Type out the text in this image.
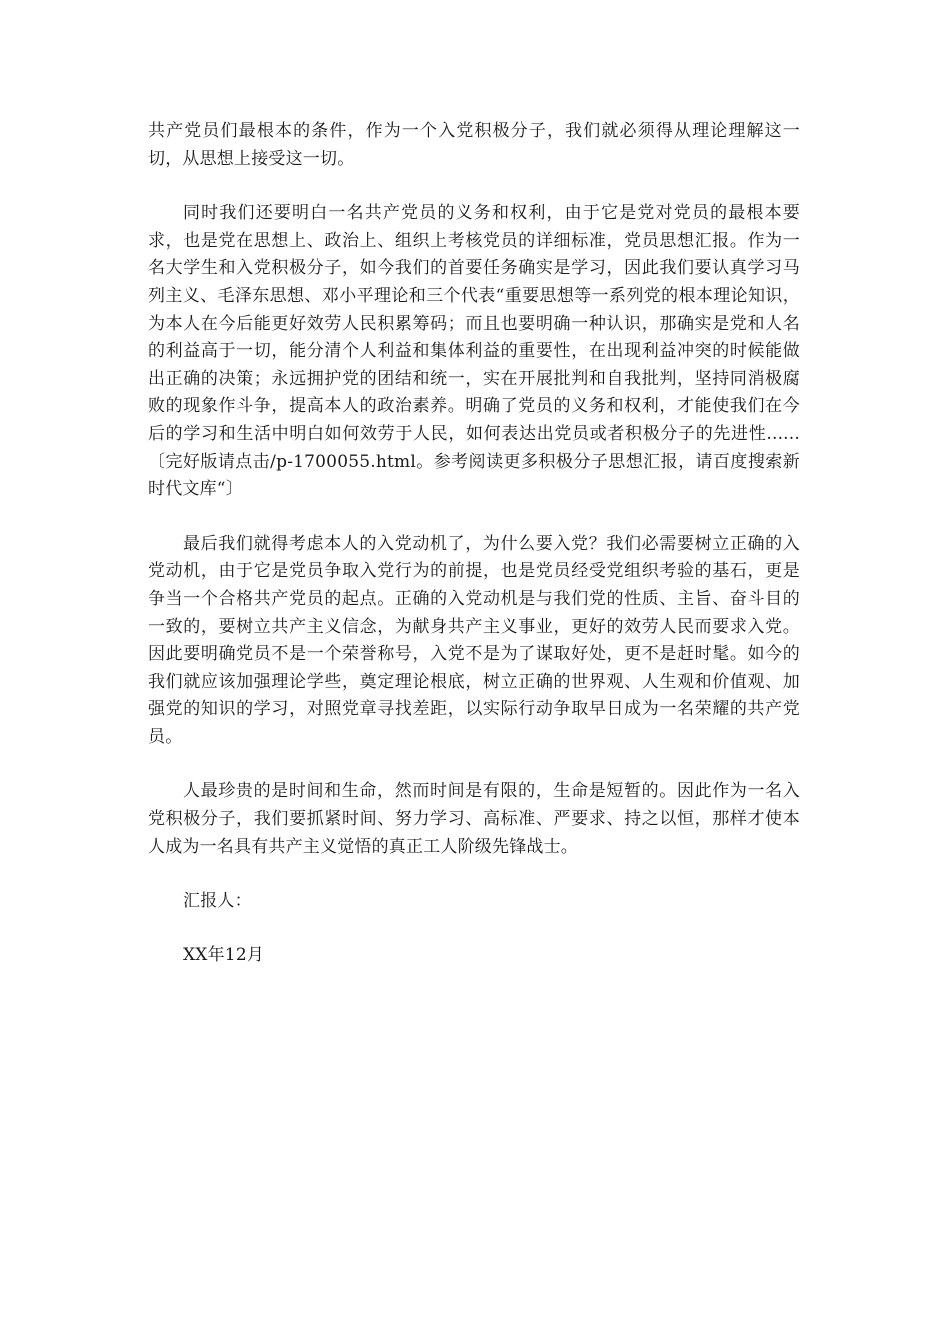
共产党员们最根本的条件，作为一个入党积极分子，我们就必须得从理论理解这一切，从思想上接受这一切。

同时我们还要明白一名共产党员的义务和权利，由于它是党对党员的最根本要求，也是党在思想上、政治上、组织上考核党员的详细标准，党员思想汇报。作为一名大学生和入党积极分子，如今我们的首要任务确实是学习，因此我们要认真学习马列主义、毛泽东思想、邓小平理论和三个代表“重要思想等一系列党的根本理论知识，为本人在今后能更好效劳人民积累筹码；而且也要明确一种认识，那确实是党和人名的利益高于一切，能分清个人利益和集体利益的重要性，在出现利益冲突的时候能做出正确的决策；永远拥护党的团结和统一，实在开展批判和自我批判，坚持同消极腐败的现象作斗争，提高本人的政治素养。明确了党员的义务和权利，才能使我们在今后的学习和生活中明白如何效劳于人民，如何表达出党员或者积极分子的先进性......〔完好版请点击/p-1700055.html。参考阅读更多积极分子思想汇报，请百度搜索新时代文库“〕

最后我们就得考虑本人的入党动机了，为什么要入党？我们必需要树立正确的入党动机，由于它是党员争取入党行为的前提，也是党员经受党组织考验的基石，更是争当一个合格共产党员的起点。正确的入党动机是与我们党的性质、主旨、奋斗目的一致的，要树立共产主义信念，为献身共产主义事业，更好的效劳人民而要求入党。因此要明确党员不是一个荣誉称号，入党不是为了谋取好处，更不是赶时髦。如今的我们就应该加强理论学些，奠定理论根底，树立正确的世界观、人生观和价值观、加强党的知识的学习，对照党章寻找差距，以实际行动争取早日成为一名荣耀的共产党员。

人最珍贵的是时间和生命，然而时间是有限的，生命是短暂的。因此作为一名入党积极分子，我们要抓紧时间、努力学习、高标准、严要求、持之以恒，那样才使本人成为一名具有共产主义觉悟的真正工人阶级先锋战士。

汇报人：

XX年12月
